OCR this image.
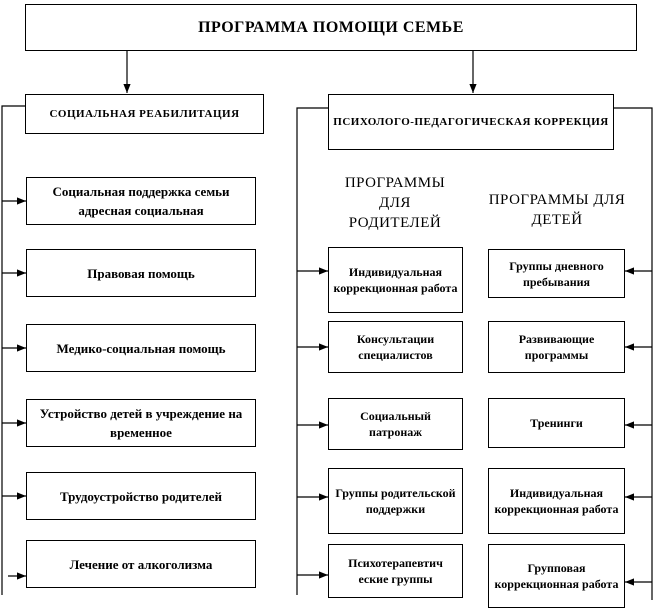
ПРОГРАММА ПОМОЩИ СЕМЬЕ
СОЦИАЛЬНАЯ РЕАБИЛИТАЦИЯ
ПСИХОЛОГО-ПЕДАГОГИЧЕСКАЯ КОРРЕКЦИЯ
ПРОГРАММЫ ДЛЯ РОДИТЕЛЕЙ
ПРОГРАММЫ ДЛЯ ДЕТЕЙ
Социальная поддержка семьи адресная социальная
Правовая помощь
Медико-социальная помощь
Устройство детей в учреждение на временное
Трудоустройство родителей
Лечение от алкоголизма
Индивидуальная коррекционная работа
Консультации специалистов
Социальный патронаж
Группы родительской поддержки
Психотерапевтич еские группы
Группы дневного пребывания
Развивающие программы
Тренинги
Индивидуальная коррекционная работа
Групповая коррекционная работа
